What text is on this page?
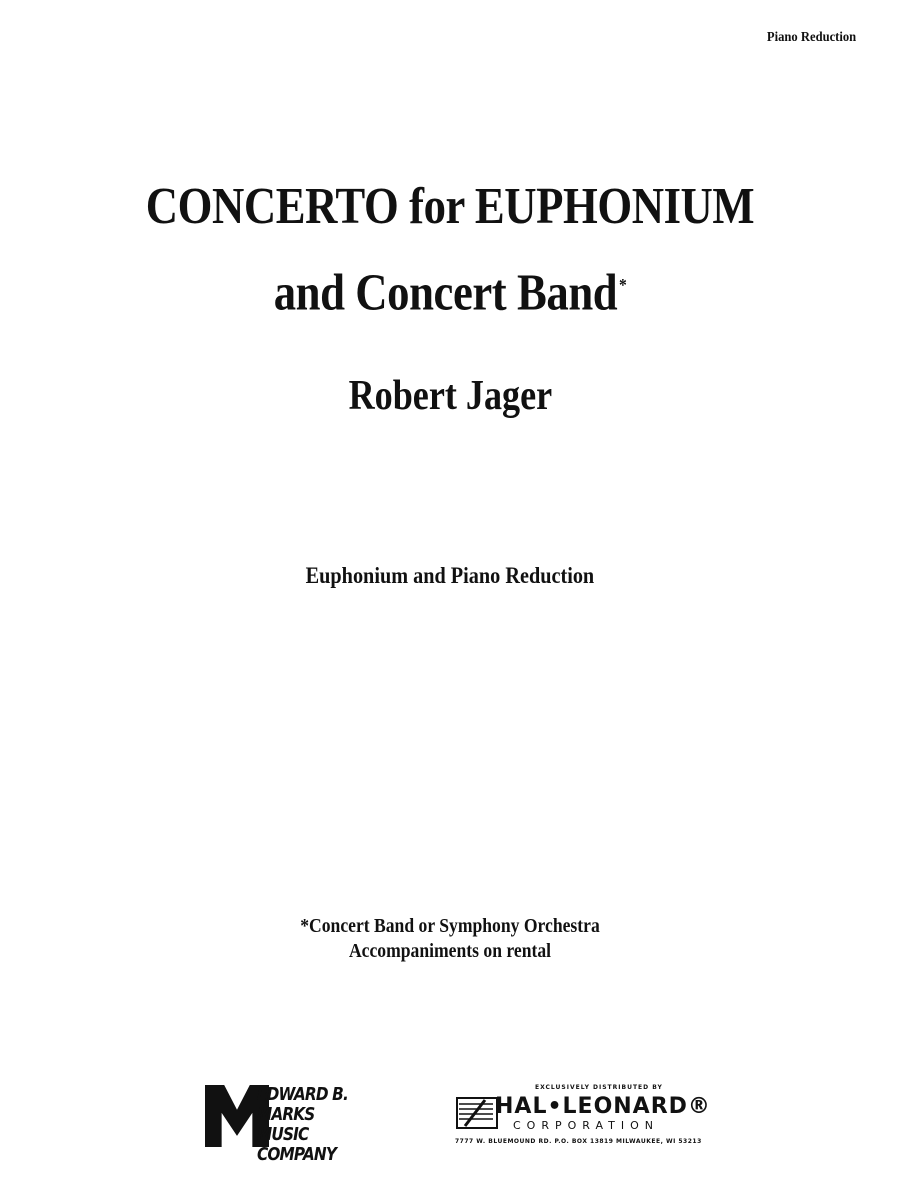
Piano Reduction
CONCERTO for EUPHONIUM
and Concert Band*
Robert Jager
Euphonium and Piano Reduction
*Concert Band or Symphony Orchestra
Accompaniments on rental
EDWARD B.
MARKS MUSIC
COMPANY
EXCLUSIVELY DISTRIBUTED BY
HAL•LEONARD®
CORPORATION
7777 W. BLUEMOUND RD. P.O. BOX 13819 MILWAUKEE, WI 53213
